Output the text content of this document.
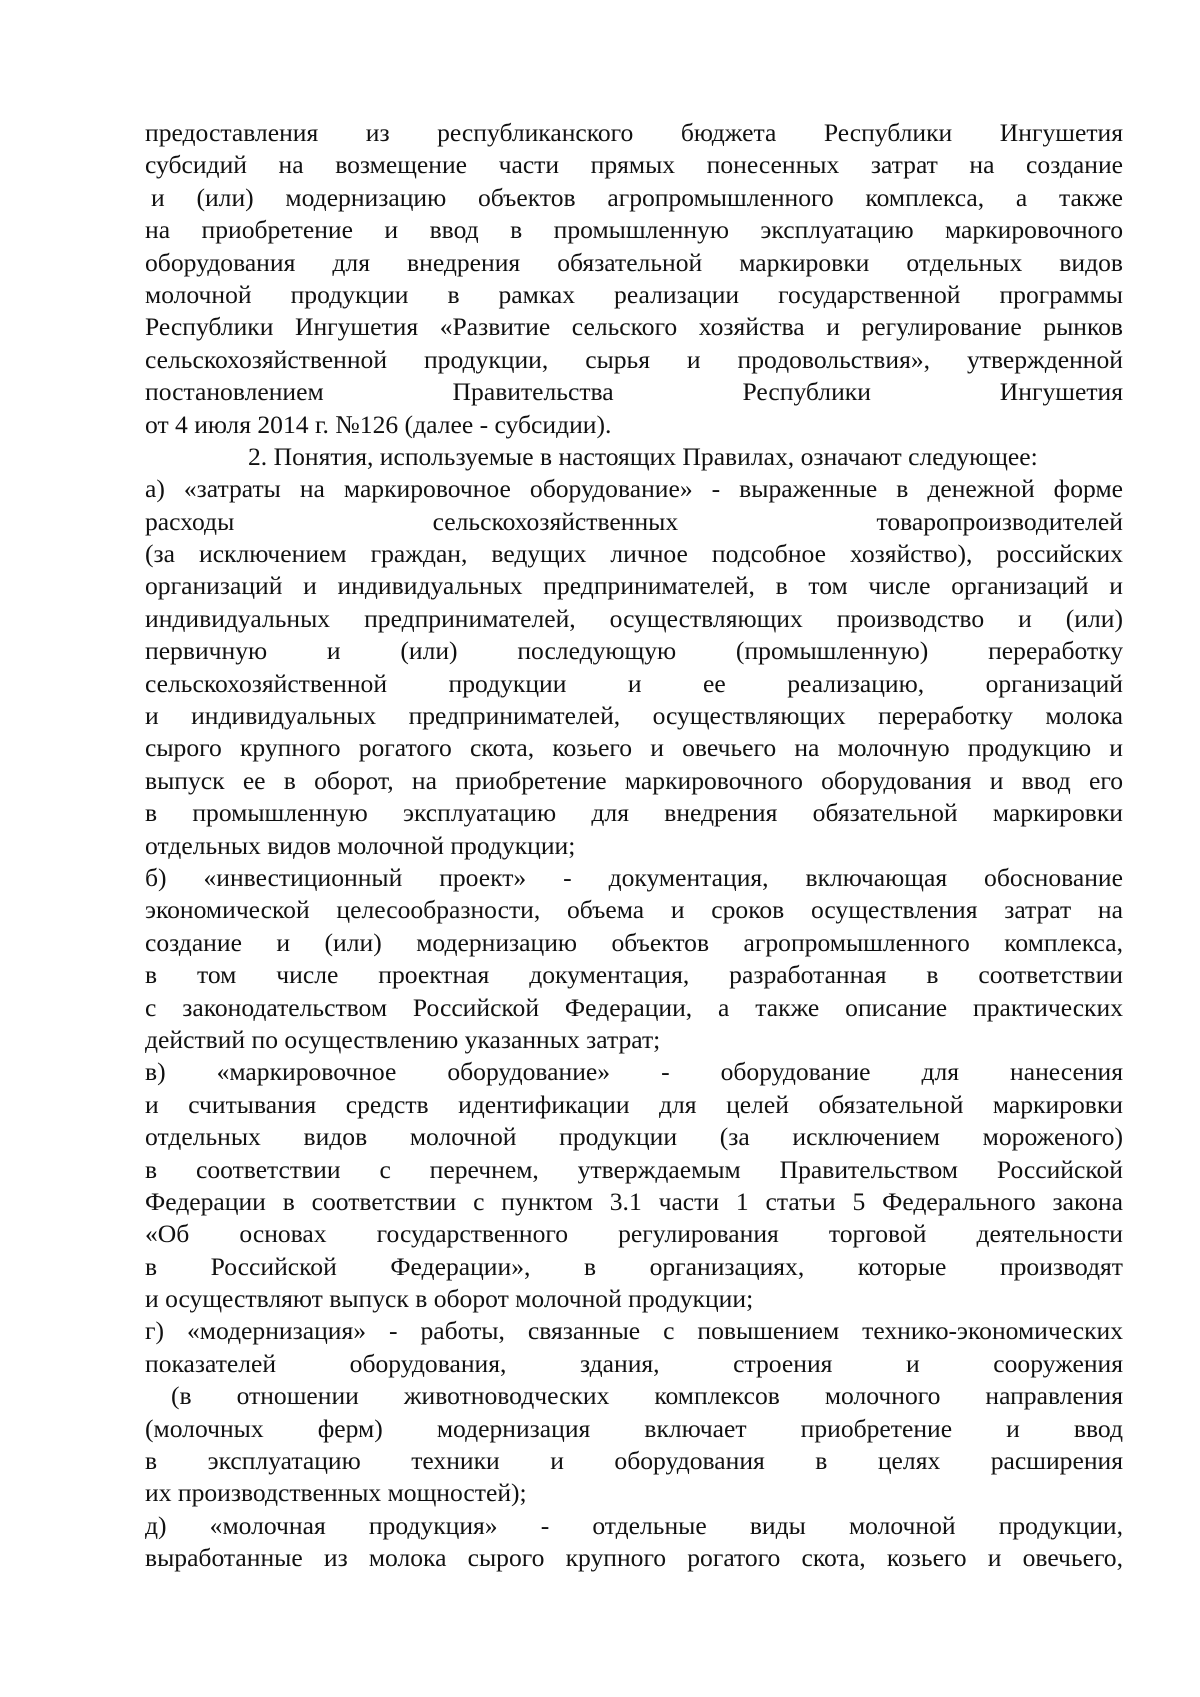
предоставления из республиканского бюджета Республики Ингушетия
субсидий на возмещение части прямых понесенных затрат на создание
и (или) модернизацию объектов агропромышленного комплекса, а также
на приобретение и ввод в промышленную эксплуатацию маркировочного
оборудования для внедрения обязательной маркировки отдельных видов
молочной продукции в рамках реализации государственной программы
Республики Ингушетия «Развитие сельского хозяйства и регулирование рынков
сельскохозяйственной продукции, сырья и продовольствия», утвержденной
постановлением Правительства Республики Ингушетия
от 4 июля 2014 г. №126 (далее - субсидии).
2. Понятия, используемые в настоящих Правилах, означают следующее:
а) «затраты на маркировочное оборудование» - выраженные в денежной форме
расходы сельскохозяйственных товаропроизводителей
(за исключением граждан, ведущих личное подсобное хозяйство), российских
организаций и индивидуальных предпринимателей, в том числе организаций и
индивидуальных предпринимателей, осуществляющих производство и (или)
первичную и (или) последующую (промышленную) переработку
сельскохозяйственной продукции и ее реализацию, организаций
и индивидуальных предпринимателей, осуществляющих переработку молока
сырого крупного рогатого скота, козьего и овечьего на молочную продукцию и
выпуск ее в оборот, на приобретение маркировочного оборудования и ввод его
в промышленную эксплуатацию для внедрения обязательной маркировки
отдельных видов молочной продукции;
б) «инвестиционный проект» - документация, включающая обоснование
экономической целесообразности, объема и сроков осуществления затрат на
создание и (или) модернизацию объектов агропромышленного комплекса,
в том числе проектная документация, разработанная в соответствии
с законодательством Российской Федерации, а также описание практических
действий по осуществлению указанных затрат;
в) «маркировочное оборудование» - оборудование для нанесения
и считывания средств идентификации для целей обязательной маркировки
отдельных видов молочной продукции (за исключением мороженого)
в соответствии с перечнем, утверждаемым Правительством Российской
Федерации в соответствии с пунктом 3.1 части 1 статьи 5 Федерального закона
«Об основах государственного регулирования торговой деятельности
в Российской Федерации», в организациях, которые производят
и осуществляют выпуск в оборот молочной продукции;
г) «модернизация» - работы, связанные с повышением технико-экономических
показателей оборудования, здания, строения и сооружения
(в отношении животноводческих комплексов молочного направления
(молочных ферм) модернизация включает приобретение и ввод
в эксплуатацию техники и оборудования в целях расширения
их производственных мощностей);
д) «молочная продукция» - отдельные виды молочной продукции,
выработанные из молока сырого крупного рогатого скота, козьего и овечьего,
